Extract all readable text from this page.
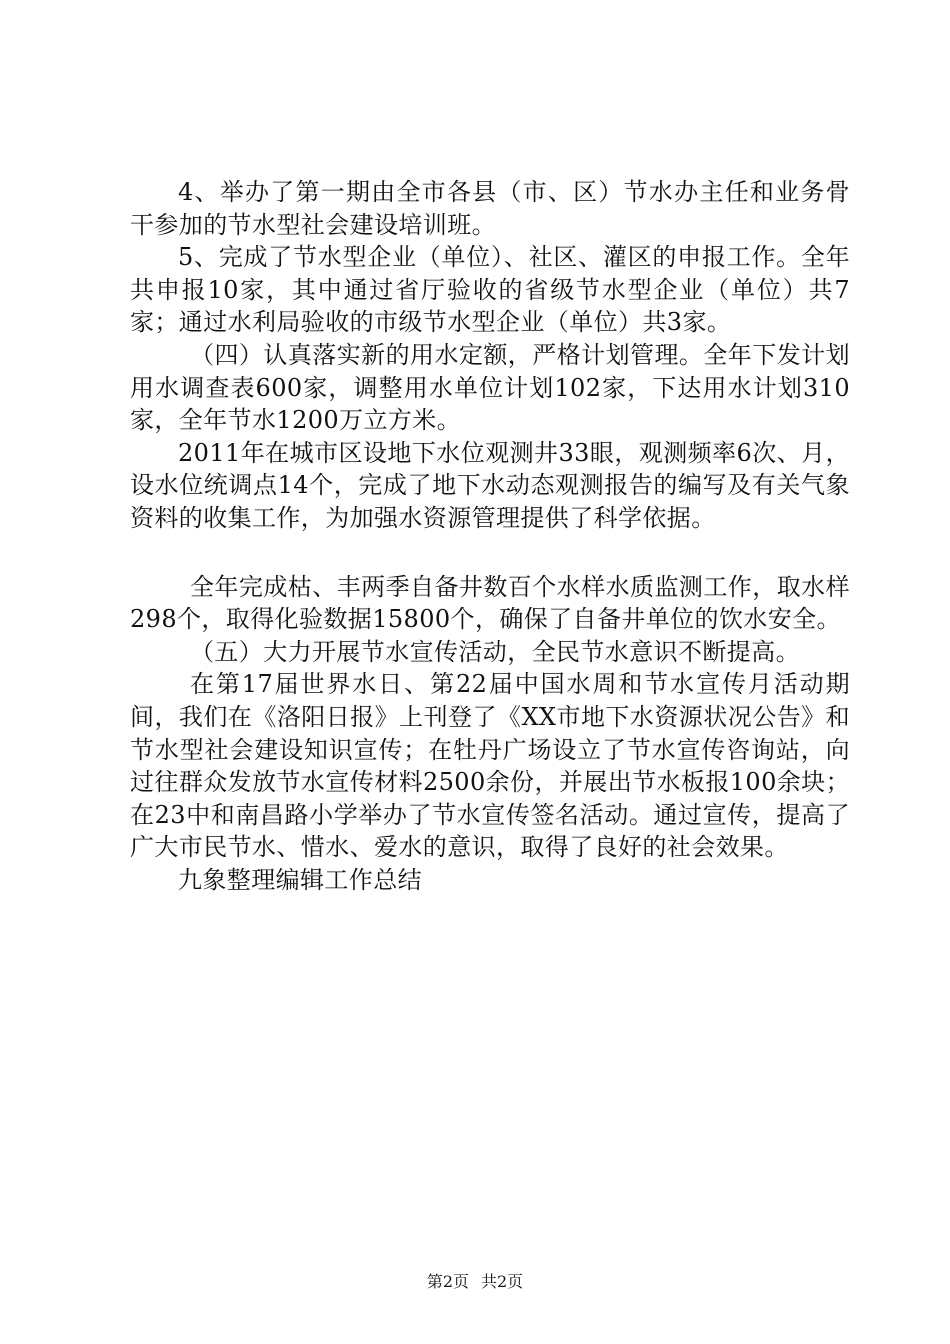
4、举办了第一期由全市各县（市、区）节水办主任和业务骨干参加的节水型社会建设培训班。

5、完成了节水型企业（单位）、社区、灌区的申报工作。全年共申报10家，其中通过省厅验收的省级节水型企业（单位）共7家；通过水利局验收的市级节水型企业（单位）共3家。

（四）认真落实新的用水定额，严格计划管理。全年下发计划用水调查表600家，调整用水单位计划102家，下达用水计划310家，全年节水1200万立方米。

2011年在城市区设地下水位观测井33眼，观测频率6次、月，设水位统调点14个，完成了地下水动态观测报告的编写及有关气象资料的收集工作，为加强水资源管理提供了科学依据。

全年完成枯、丰两季自备井数百个水样水质监测工作，取水样298个，取得化验数据15800个，确保了自备井单位的饮水安全。

（五）大力开展节水宣传活动，全民节水意识不断提高。

在第17届世界水日、第22届中国水周和节水宣传月活动期间，我们在《洛阳日报》上刊登了《XX市地下水资源状况公告》和节水型社会建设知识宣传；在牡丹广场设立了节水宣传咨询站，向过往群众发放节水宣传材料2500余份，并展出节水板报100余块；在23中和南昌路小学举办了节水宣传签名活动。通过宣传，提高了广大市民节水、惜水、爱水的意识，取得了良好的社会效果。

九象整理编辑工作总结

第2页 共2页
